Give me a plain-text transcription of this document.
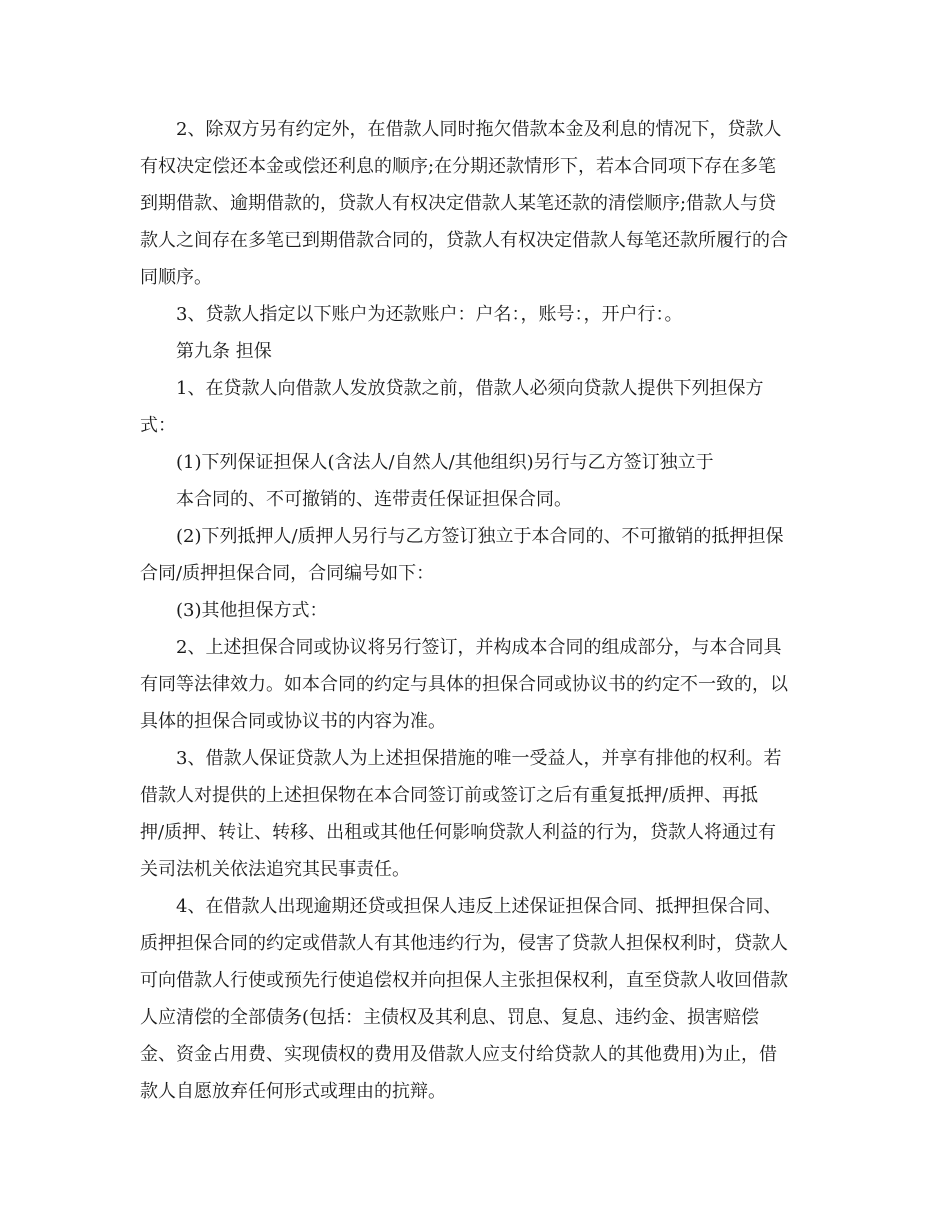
2、除双方另有约定外，在借款人同时拖欠借款本金及利息的情况下，贷款人

有权决定偿还本金或偿还利息的顺序;在分期还款情形下，若本合同项下存在多笔

到期借款、逾期借款的，贷款人有权决定借款人某笔还款的清偿顺序;借款人与贷

款人之间存在多笔已到期借款合同的，贷款人有权决定借款人每笔还款所履行的合

同顺序。

3、贷款人指定以下账户为还款账户：户名：，账号：，开户行：。

第九条 担保

1、在贷款人向借款人发放贷款之前，借款人必须向贷款人提供下列担保方

式：

(1)下列保证担保人(含法人/自然人/其他组织)另行与乙方签订独立于

本合同的、不可撤销的、连带责任保证担保合同。

(2)下列抵押人/质押人另行与乙方签订独立于本合同的、不可撤销的抵押担保

合同/质押担保合同，合同编号如下：

(3)其他担保方式：

2、上述担保合同或协议将另行签订，并构成本合同的组成部分，与本合同具

有同等法律效力。如本合同的约定与具体的担保合同或协议书的约定不一致的，以

具体的担保合同或协议书的内容为准。

3、借款人保证贷款人为上述担保措施的唯一受益人，并享有排他的权利。若

借款人对提供的上述担保物在本合同签订前或签订之后有重复抵押/质押、再抵

押/质押、转让、转移、出租或其他任何影响贷款人利益的行为，贷款人将通过有

关司法机关依法追究其民事责任。

4、在借款人出现逾期还贷或担保人违反上述保证担保合同、抵押担保合同、

质押担保合同的约定或借款人有其他违约行为，侵害了贷款人担保权利时，贷款人

可向借款人行使或预先行使追偿权并向担保人主张担保权利，直至贷款人收回借款

人应清偿的全部债务(包括：主债权及其利息、罚息、复息、违约金、损害赔偿

金、资金占用费、实现债权的费用及借款人应支付给贷款人的其他费用)为止，借

款人自愿放弃任何形式或理由的抗辩。
